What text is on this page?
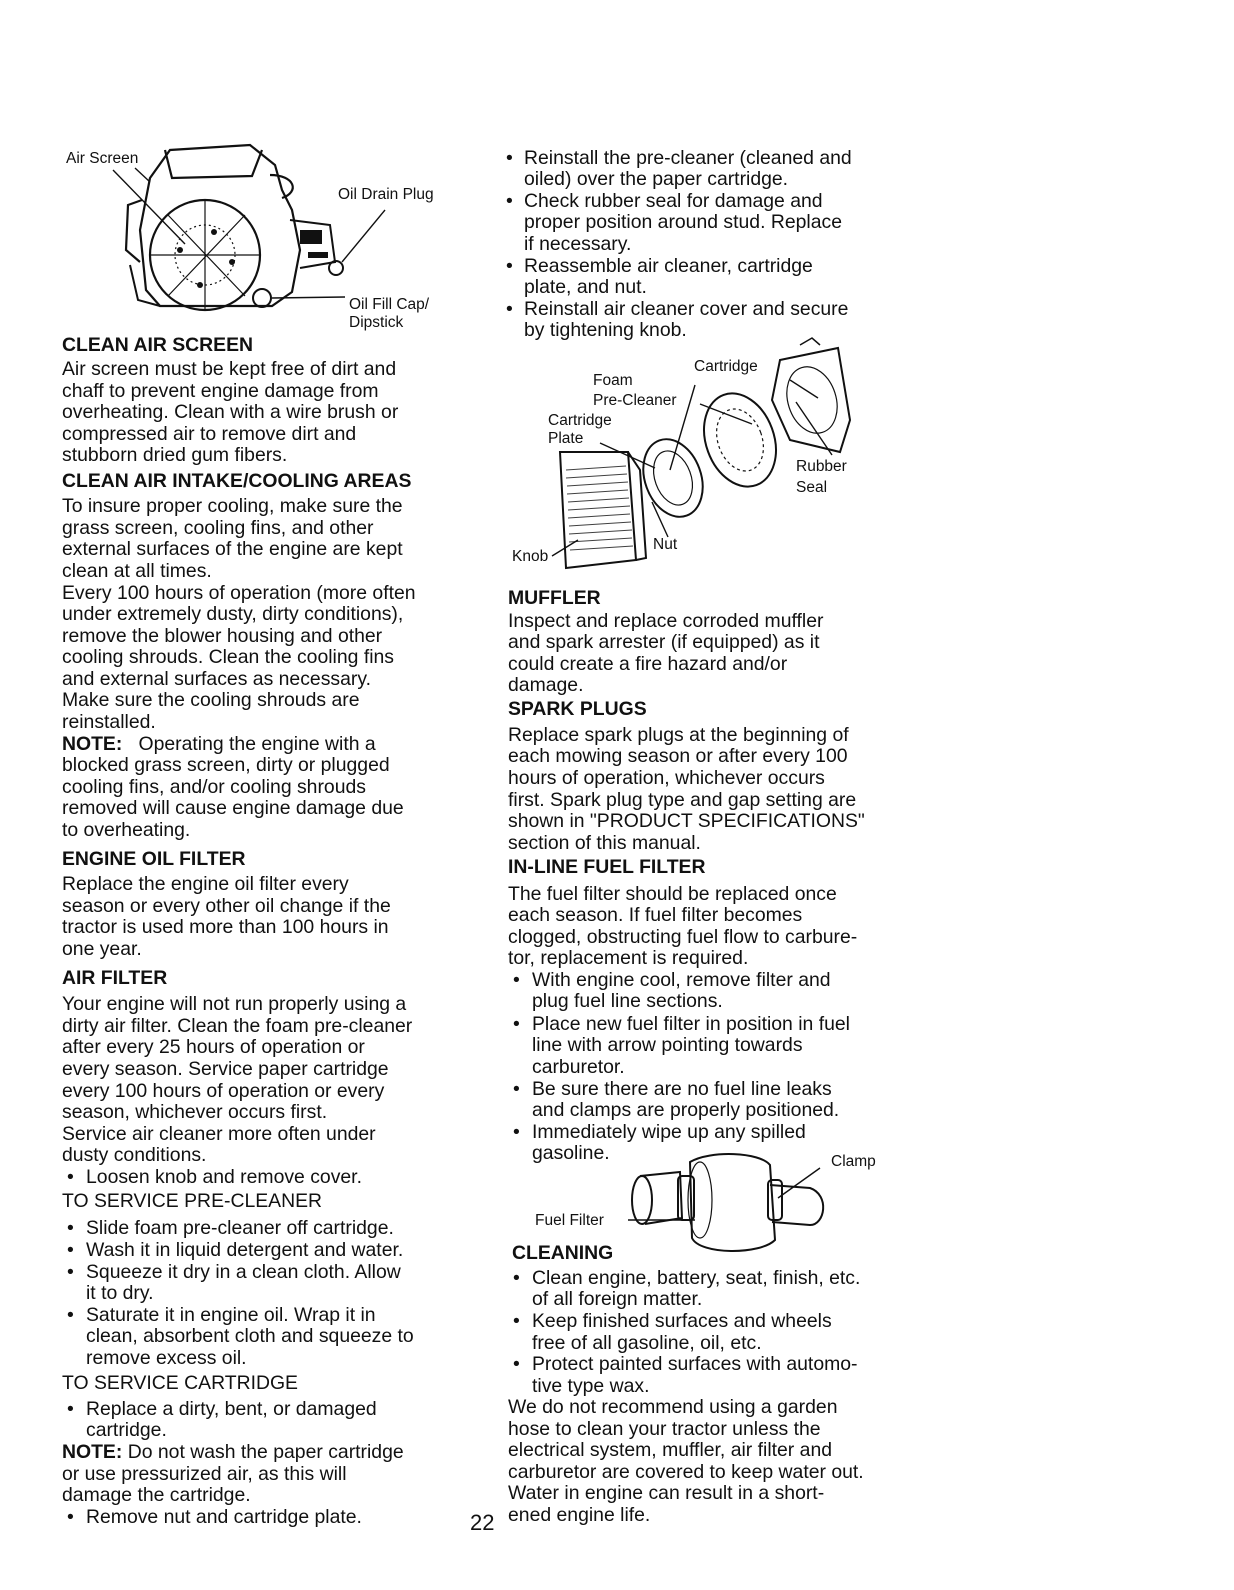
Air Screen
Oil Drain Plug
Oil Fill Cap/
Dipstick
CLEAN AIR SCREEN
Air screen must be kept free of dirt and
chaff to prevent engine damage from
overheating. Clean with a wire brush or
compressed air to remove dirt and
stubborn dried gum fibers.
CLEAN AIR INTAKE/COOLING AREAS
To insure proper cooling, make sure the
grass screen, cooling fins, and other
external surfaces of the engine are kept
clean at all times.
Every 100 hours of operation (more often
under extremely dusty, dirty conditions),
remove the blower housing and other
cooling shrouds. Clean the cooling fins
and external surfaces as necessary.
Make sure the cooling shrouds are
reinstalled.
NOTE: Operating the engine with a
blocked grass screen, dirty or plugged
cooling fins, and/or cooling shrouds
removed will cause engine damage due
to overheating.
ENGINE OIL FILTER
Replace the engine oil filter every
season or every other oil change if the
tractor is used more than 100 hours in
one year.
AIR FILTER
Your engine will not run properly using a
dirty air filter. Clean the foam pre-cleaner
after every 25 hours of operation or
every season. Service paper cartridge
every 100 hours of operation or every
season, whichever occurs first.
Service air cleaner more often under
dusty conditions.
• Loosen knob and remove cover.
TO SERVICE PRE-CLEANER
• Slide foam pre-cleaner off cartridge.
• Wash it in liquid detergent and water.
• Squeeze it dry in a clean cloth. Allow
it to dry.
• Saturate it in engine oil. Wrap it in
clean, absorbent cloth and squeeze to
remove excess oil.
TO SERVICE CARTRIDGE
• Replace a dirty, bent, or damaged
cartridge.
NOTE: Do not wash the paper cartridge
or use pressurized air, as this will
damage the cartridge.
• Remove nut and cartridge plate.
• Reinstall the pre-cleaner (cleaned and
oiled) over the paper cartridge.
• Check rubber seal for damage and
proper position around stud. Replace
if necessary.
• Reassemble air cleaner, cartridge
plate, and nut.
• Reinstall air cleaner cover and secure
by tightening knob.
Cartridge
Foam
Pre-Cleaner
Cartridge
Plate
Rubber
Seal
Knob
Nut
MUFFLER
Inspect and replace corroded muffler
and spark arrester (if equipped) as it
could create a fire hazard and/or
damage.
SPARK PLUGS
Replace spark plugs at the beginning of
each mowing season or after every 100
hours of operation, whichever occurs
first. Spark plug type and gap setting are
shown in "PRODUCT SPECIFICATIONS"
section of this manual.
IN-LINE FUEL FILTER
The fuel filter should be replaced once
each season. If fuel filter becomes
clogged, obstructing fuel flow to carbure-
tor, replacement is required.
• With engine cool, remove filter and
plug fuel line sections.
• Place new fuel filter in position in fuel
line with arrow pointing towards
carburetor.
• Be sure there are no fuel line leaks
and clamps are properly positioned.
• Immediately wipe up any spilled
gasoline.	Clamp
Fuel Filter
CLEANING
• Clean engine, battery, seat, finish, etc.
of all foreign matter.
• Keep finished surfaces and wheels
free of all gasoline, oil, etc.
• Protect painted surfaces with automo-
tive type wax.
We do not recommend using a garden
hose to clean your tractor unless the
electrical system, muffler, air filter and
carburetor are covered to keep water out.
Water in engine can result in a short-
ened engine life.
22
